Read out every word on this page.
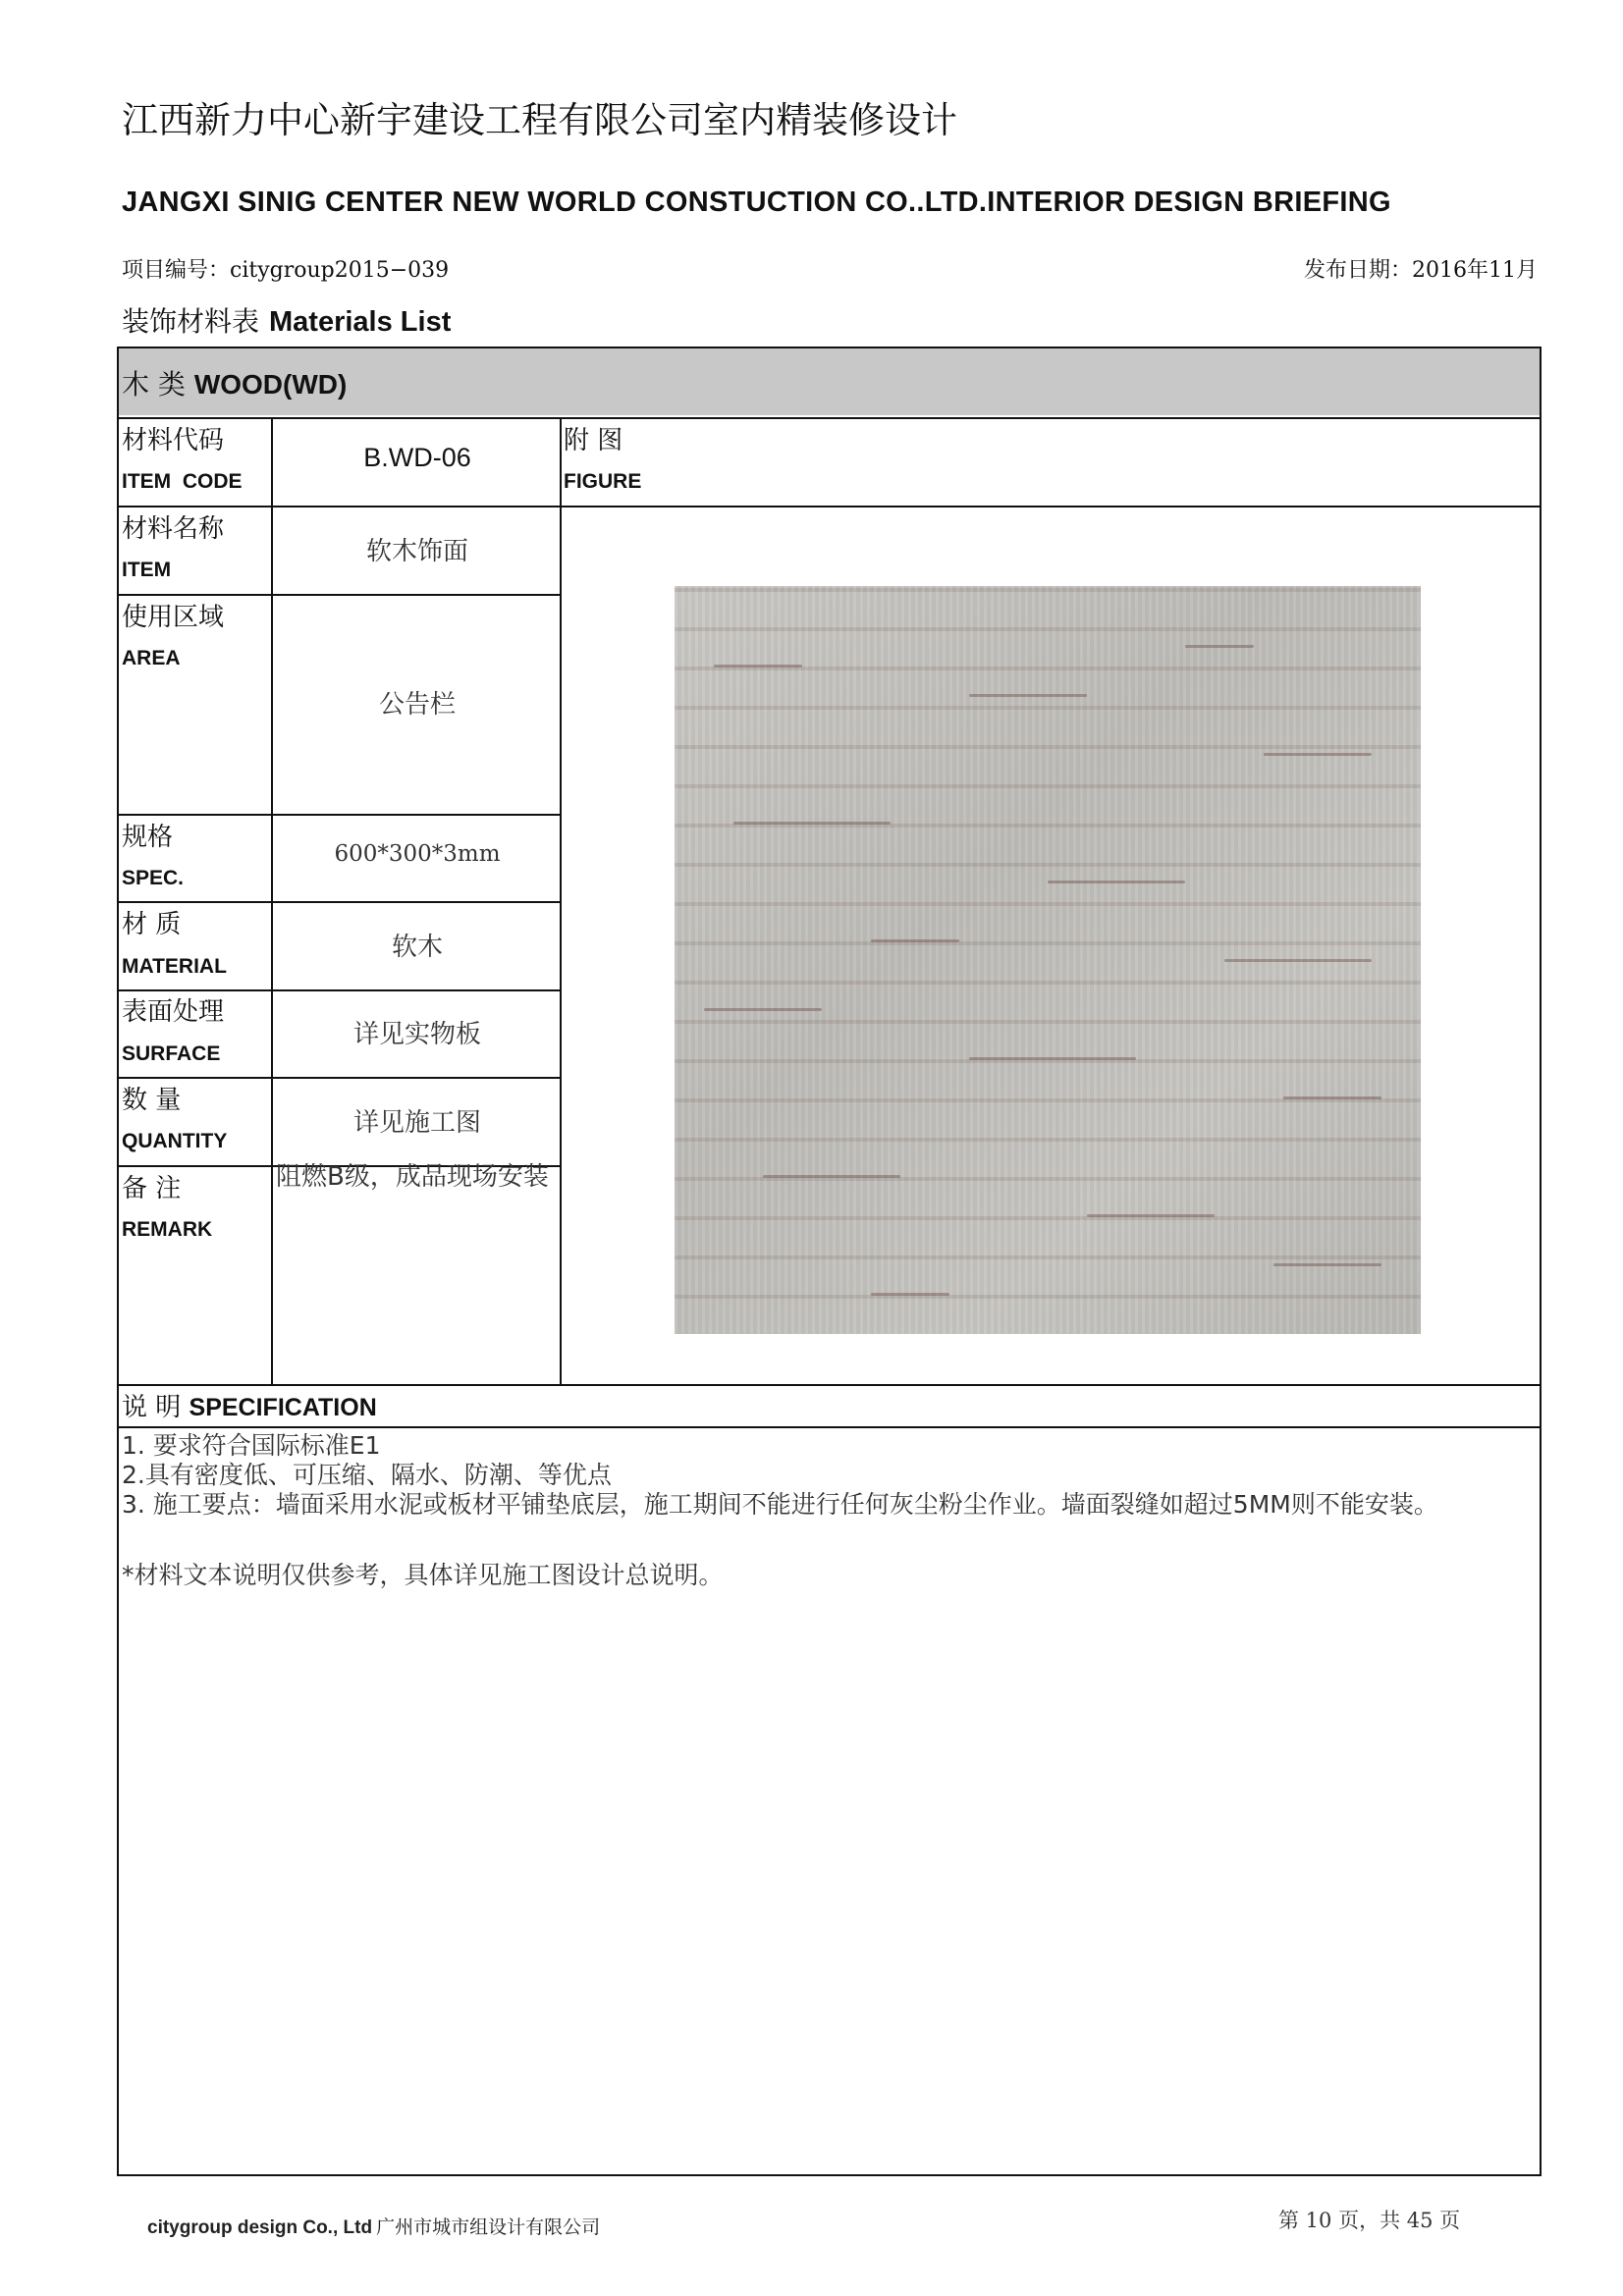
江西新力中心新宇建设工程有限公司室内精装修设计
JANGXI SINIG CENTER NEW WORLD CONSTUCTION CO..LTD.INTERIOR DESIGN BRIEFING
项目编号：citygroup2015−039	发布日期：2016年11月
装饰材料表 Materials List
木 类 WOOD(WD)
材料代码
ITEM  CODE
B.WD-06
材料名称
ITEM
软木饰面
使用区域
AREA
公告栏
规格
SPEC.
600*300*3mm
材 质
MATERIAL
软木
表面处理
SURFACE
详见实物板
数 量
QUANTITY
详见施工图
备 注
REMARK
阻燃B级，成品现场安装
附 图
FIGURE
说 明 SPECIFICATION
1. 要求符合国际标准E1
2.具有密度低、可压缩、隔水、防潮、等优点
3. 施工要点：墙面采用水泥或板材平铺垫底层，施工期间不能进行任何灰尘粉尘作业。墙面裂缝如超过5MM则不能安装。
*材料文本说明仅供参考，具体详见施工图设计总说明。
citygroup design Co., Ltd 广州市城市组设计有限公司	第 10 页，共 45 页
